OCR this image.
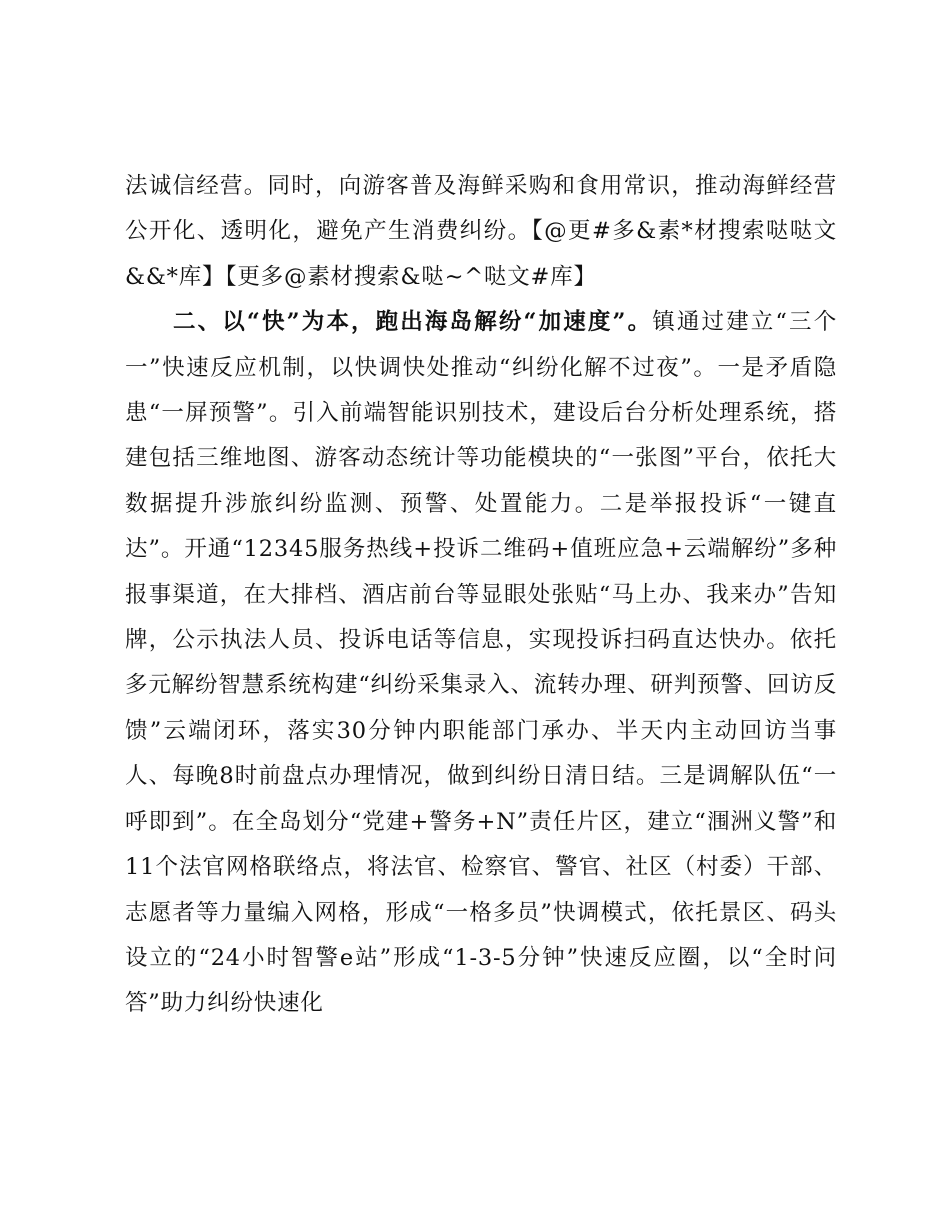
法诚信经营。同时，向游客普及海鲜采购和食用常识，推动海鲜经营公开化、透明化，避免产生消费纠纷。【@更#多&素*材搜索哒哒文&&*库】【更多@素材搜索&哒~^哒文#库】

二、以“快”为本，跑出海岛解纷“加速度”。镇通过建立“三个一”快速反应机制，以快调快处推动“纠纷化解不过夜”。一是矛盾隐患“一屏预警”。引入前端智能识别技术，建设后台分析处理系统，搭建包括三维地图、游客动态统计等功能模块的“一张图”平台，依托大数据提升涉旅纠纷监测、预警、处置能力。二是举报投诉“一键直达”。开通“12345服务热线+投诉二维码+值班应急+云端解纷”多种报事渠道，在大排档、酒店前台等显眼处张贴“马上办、我来办”告知牌，公示执法人员、投诉电话等信息，实现投诉扫码直达快办。依托多元解纷智慧系统构建“纠纷采集录入、流转办理、研判预警、回访反馈”云端闭环，落实30分钟内职能部门承办、半天内主动回访当事人、每晚8时前盘点办理情况，做到纠纷日清日结。三是调解队伍“一呼即到”。在全岛划分“党建+警务+N”责任片区，建立“涠洲义警”和11个法官网格联络点，将法官、检察官、警官、社区（村委）干部、志愿者等力量编入网格，形成“一格多员”快调模式，依托景区、码头设立的“24小时智警e站”形成“1-3-5分钟”快速反应圈，以“全时问答”助力纠纷快速化
